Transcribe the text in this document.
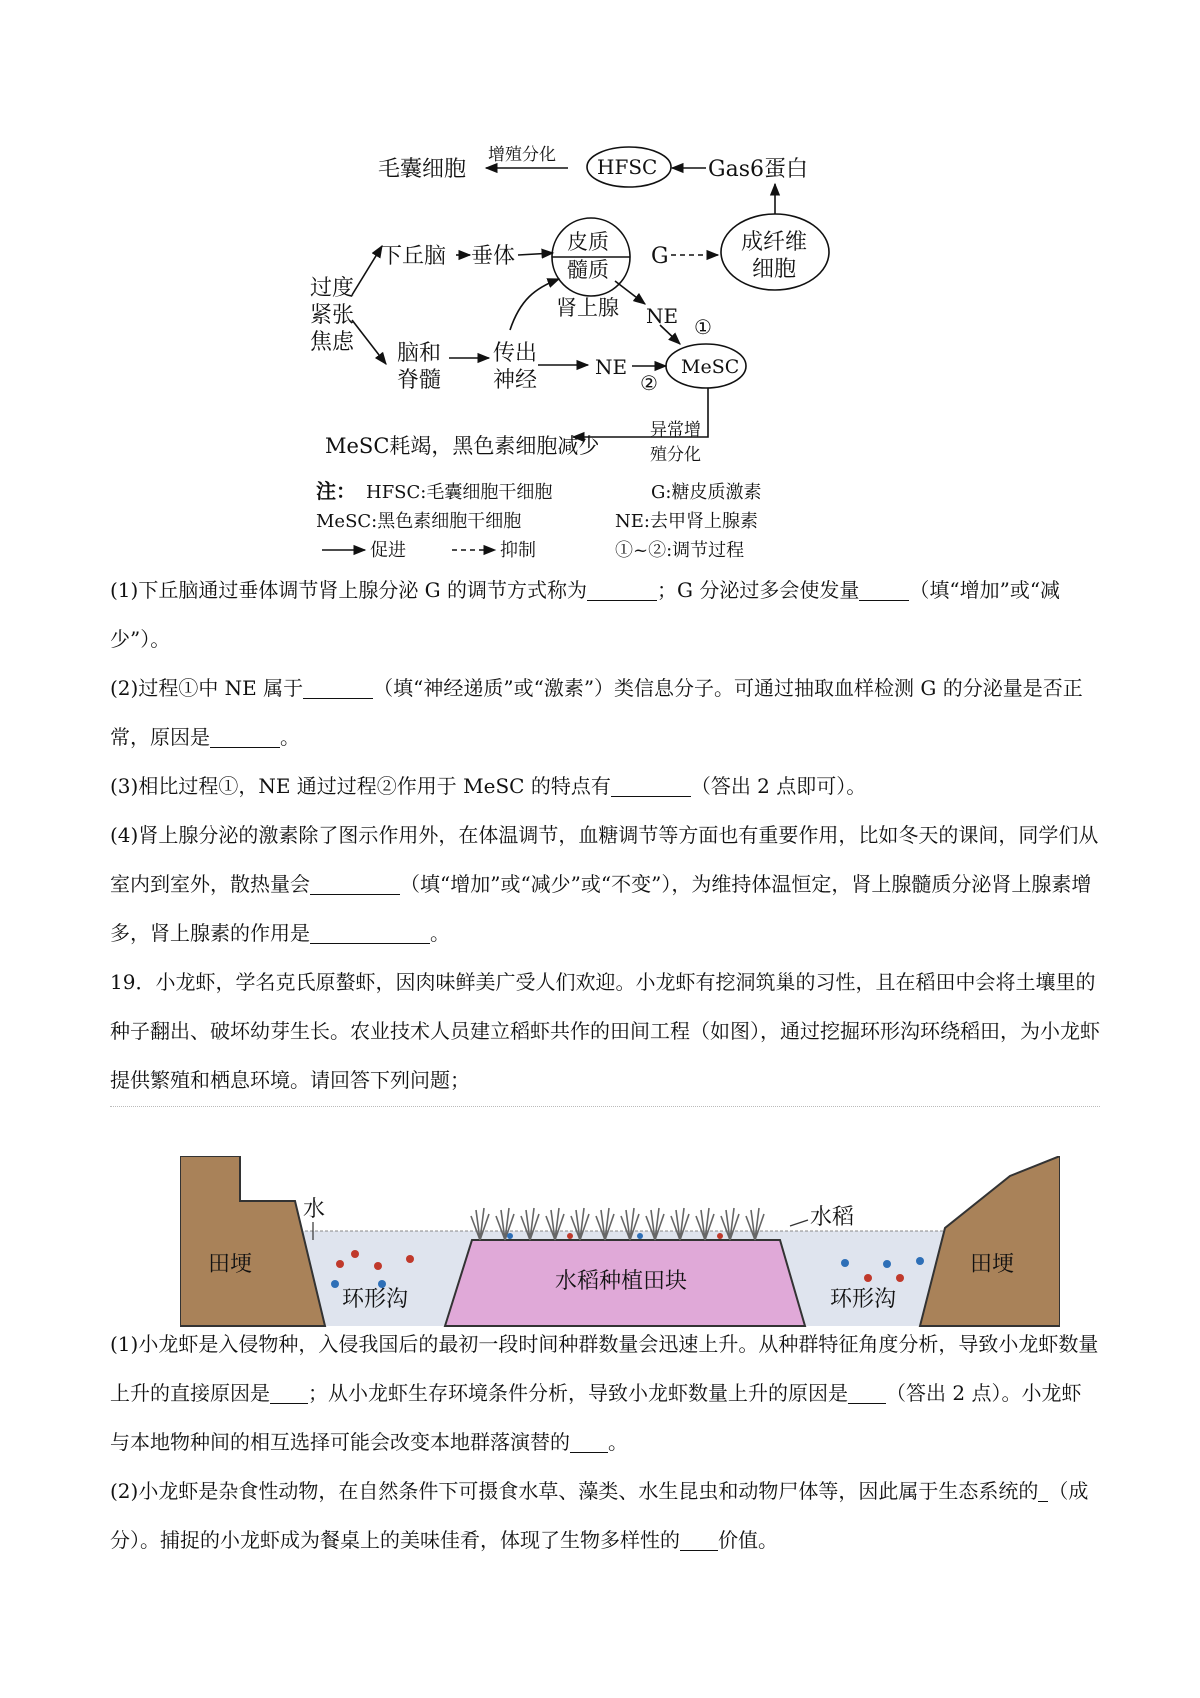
毛囊细胞
增殖分化 HFSC Gas6蛋白
下丘脑 垂体
皮质
髓质
肾上腺
G
成纤维
细胞
过度
紧张
焦虑 脑和
脊髓
传出
神经
NE
NE
①
②
MeSC
异常增
殖分化
MeSC耗竭，黑色素细胞减少
注： HFSC:毛囊细胞干细胞	G:糖皮质激素
MeSC:黑色素细胞干细胞	NE:去甲肾上腺素
促进	抑制	①~②:调节过程

(1)下丘脑通过垂体调节肾上腺分泌 G 的调节方式称为	；G 分泌过多会使发量	（填“增加”或“减少”）。

(2)过程①中 NE 属于	（填“神经递质”或“激素”）类信息分子。可通过抽取血样检测 G 的分泌量是否正常，原因是	。

(3)相比过程①，NE 通过过程②作用于 MeSC 的特点有	（答出 2 点即可）。

(4)肾上腺分泌的激素除了图示作用外，在体温调节，血糖调节等方面也有重要作用，比如冬天的课间，同学们从室内到室外，散热量会	（填“增加”或“减少”或“不变”），为维持体温恒定，肾上腺髓质分泌肾上腺素增多，肾上腺素的作用是	。

19．小龙虾，学名克氏原螯虾，因肉味鲜美广受人们欢迎。小龙虾有挖洞筑巢的习性，且在稻田中会将土壤里的种子翻出、破坏幼芽生长。农业技术人员建立稻虾共作的田间工程（如图），通过挖掘环形沟环绕稻田，为小龙虾提供繁殖和栖息环境。请回答下列问题；

田埂	田埂
水	水稻
水稻种植田块
环形沟	环形沟

(1)小龙虾是入侵物种，入侵我国后的最初一段时间种群数量会迅速上升。从种群特征角度分析，导致小龙虾数量上升的直接原因是 ；从小龙虾生存环境条件分析，导致小龙虾数量上升的原因是 （答出 2 点）。小龙虾与本地物种间的相互选择可能会改变本地群落演替的 。

(2)小龙虾是杂食性动物，在自然条件下可摄食水草、藻类、水生昆虫和动物尸体等，因此属于生态系统的 （成分）。捕捉的小龙虾成为餐桌上的美味佳肴，体现了生物多样性的 价值。
